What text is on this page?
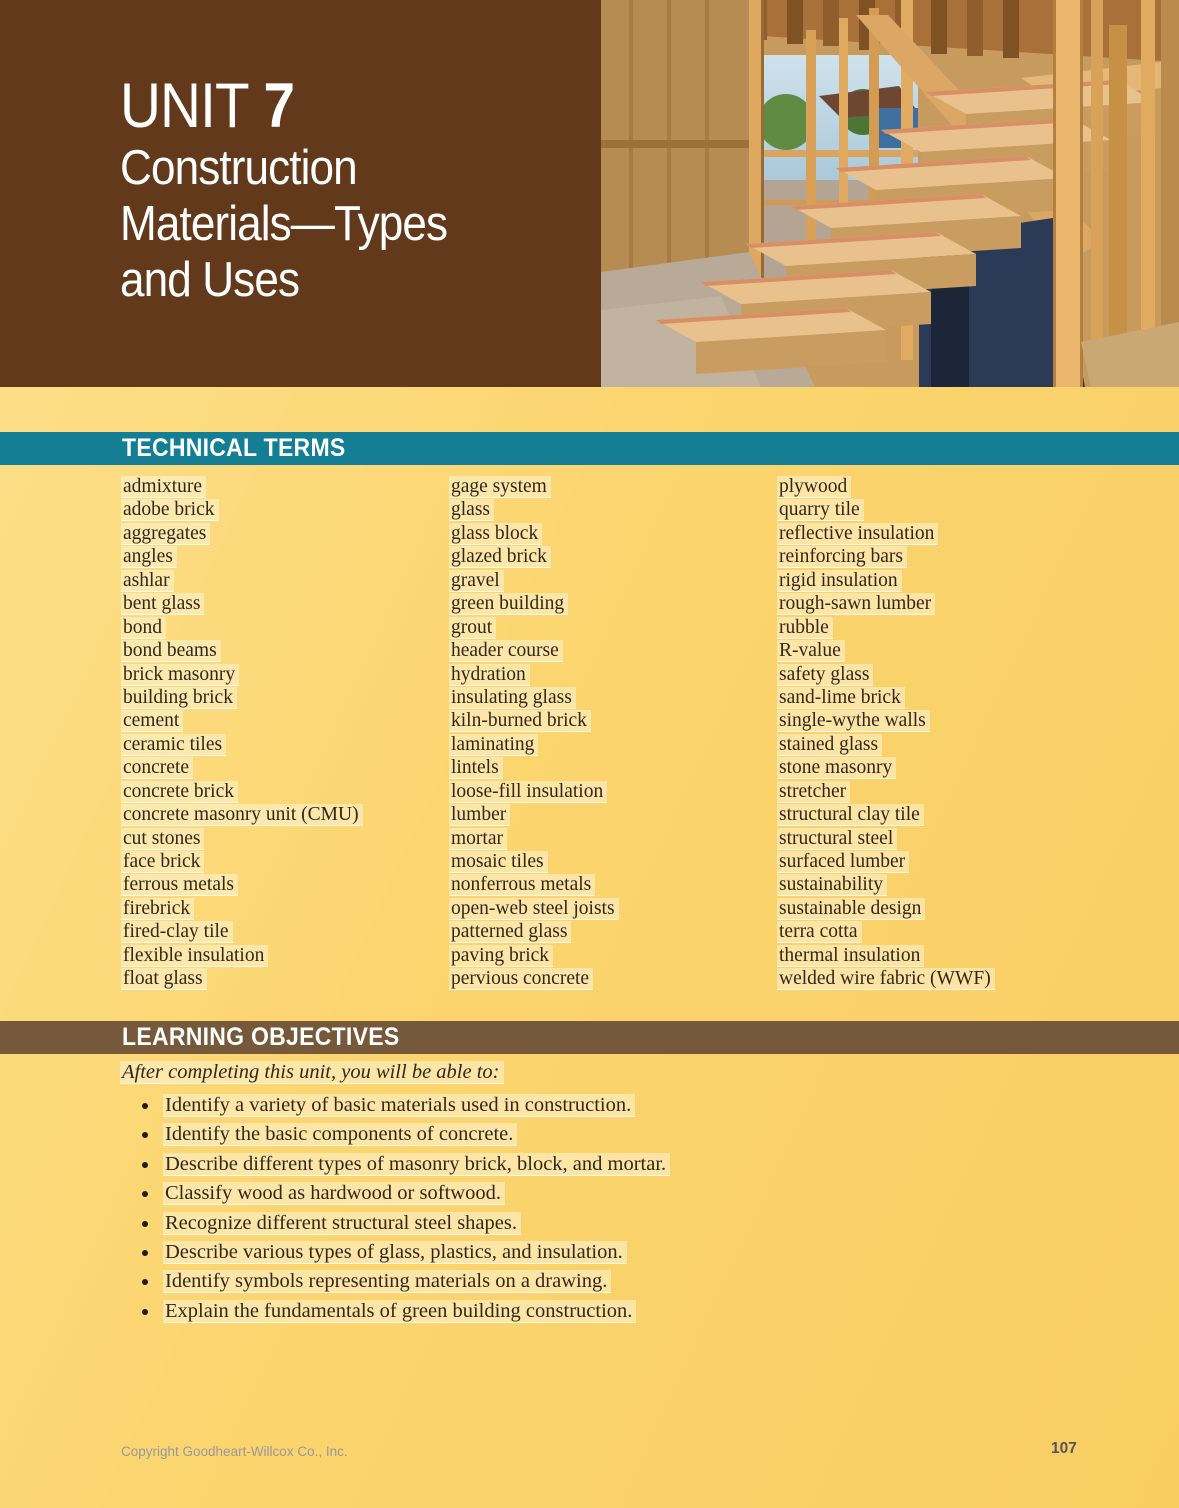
UNIT 7
Construction
Materials—Types
and Uses
TECHNICAL TERMS
admixture
adobe brick
aggregates
angles
ashlar
bent glass
bond
bond beams
brick masonry
building brick
cement
ceramic tiles
concrete
concrete brick
concrete masonry unit (CMU)
cut stones
face brick
ferrous metals
firebrick
fired-clay tile
flexible insulation
float glass
gage system
glass
glass block
glazed brick
gravel
green building
grout
header course
hydration
insulating glass
kiln-burned brick
laminating
lintels
loose-fill insulation
lumber
mortar
mosaic tiles
nonferrous metals
open-web steel joists
patterned glass
paving brick
pervious concrete
plywood
quarry tile
reflective insulation
reinforcing bars
rigid insulation
rough-sawn lumber
rubble
R-value
safety glass
sand-lime brick
single-wythe walls
stained glass
stone masonry
stretcher
structural clay tile
structural steel
surfaced lumber
sustainability
sustainable design
terra cotta
thermal insulation
welded wire fabric (WWF)
LEARNING OBJECTIVES
After completing this unit, you will be able to:
Identify a variety of basic materials used in construction.
Identify the basic components of concrete.
Describe different types of masonry brick, block, and mortar.
Classify wood as hardwood or softwood.
Recognize different structural steel shapes.
Describe various types of glass, plastics, and insulation.
Identify symbols representing materials on a drawing.
Explain the fundamentals of green building construction.
Copyright Goodheart-Willcox Co., Inc.	107
